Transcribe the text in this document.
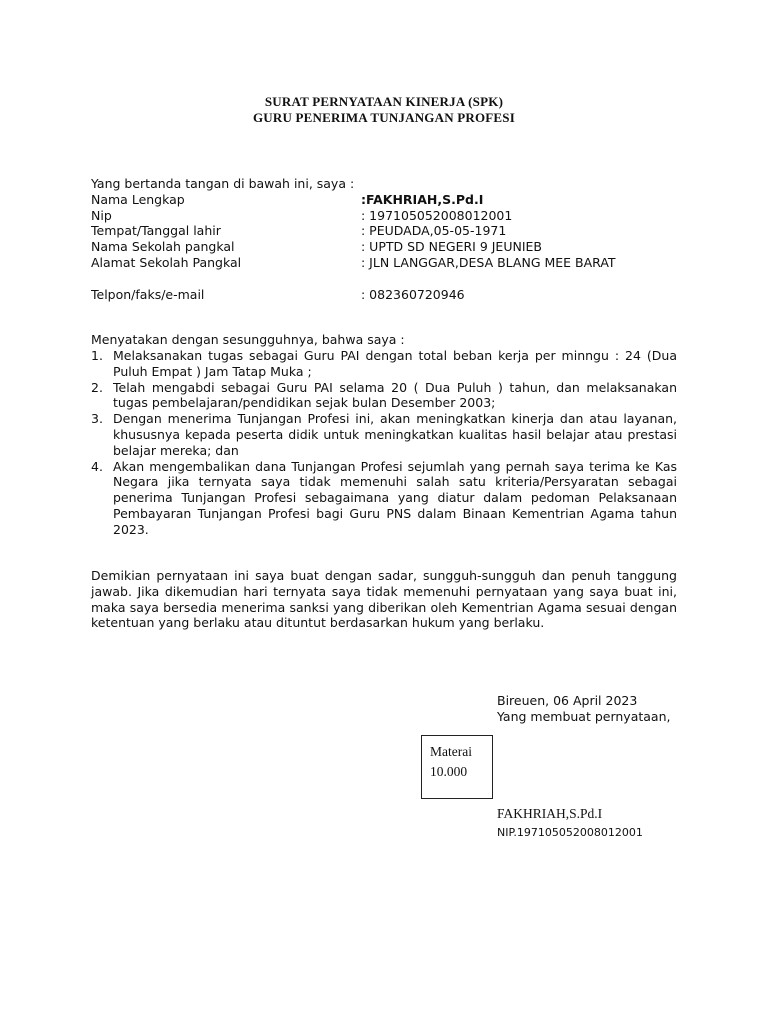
SURAT PERNYATAAN KINERJA (SPK)
GURU PENERIMA TUNJANGAN PROFESI
Yang bertanda tangan di bawah ini, saya :
Nama Lengkap	:FAKHRIAH,S.Pd.I
Nip	: 197105052008012001
Tempat/Tanggal lahir	: PEUDADA,05-05-1971
Nama Sekolah pangkal	: UPTD SD NEGERI 9 JEUNIEB
Alamat Sekolah Pangkal	: JLN LANGGAR,DESA BLANG MEE BARAT
Telpon/faks/e-mail	: 082360720946
Menyatakan dengan sesungguhnya, bahwa saya :
1. Melaksanakan tugas sebagai Guru PAI dengan total beban kerja per minngu : 24 (Dua Puluh Empat ) Jam Tatap Muka ;
2. Telah mengabdi sebagai Guru PAI selama 20 ( Dua Puluh ) tahun, dan melaksanakan tugas pembelajaran/pendidikan sejak bulan Desember 2003;
3. Dengan menerima Tunjangan Profesi ini, akan meningkatkan kinerja dan atau layanan, khususnya kepada peserta didik untuk meningkatkan kualitas hasil belajar atau prestasi belajar mereka; dan
4. Akan mengembalikan dana Tunjangan Profesi sejumlah yang pernah saya terima ke Kas Negara jika ternyata saya tidak memenuhi salah satu kriteria/Persyaratan sebagai penerima Tunjangan Profesi sebagaimana yang diatur dalam pedoman Pelaksanaan Pembayaran Tunjangan Profesi bagi Guru PNS dalam Binaan Kementrian Agama tahun 2023.
Demikian pernyataan ini saya buat dengan sadar, sungguh-sungguh dan penuh tanggung jawab. Jika dikemudian hari ternyata saya tidak memenuhi pernyataan yang saya buat ini, maka saya bersedia menerima sanksi yang diberikan oleh Kementrian Agama sesuai dengan ketentuan yang berlaku atau dituntut berdasarkan hukum yang berlaku.
Bireuen, 06 April 2023
Yang membuat pernyataan,
Materai
10.000
FAKHRIAH,S.Pd.I
NIP.197105052008012001
